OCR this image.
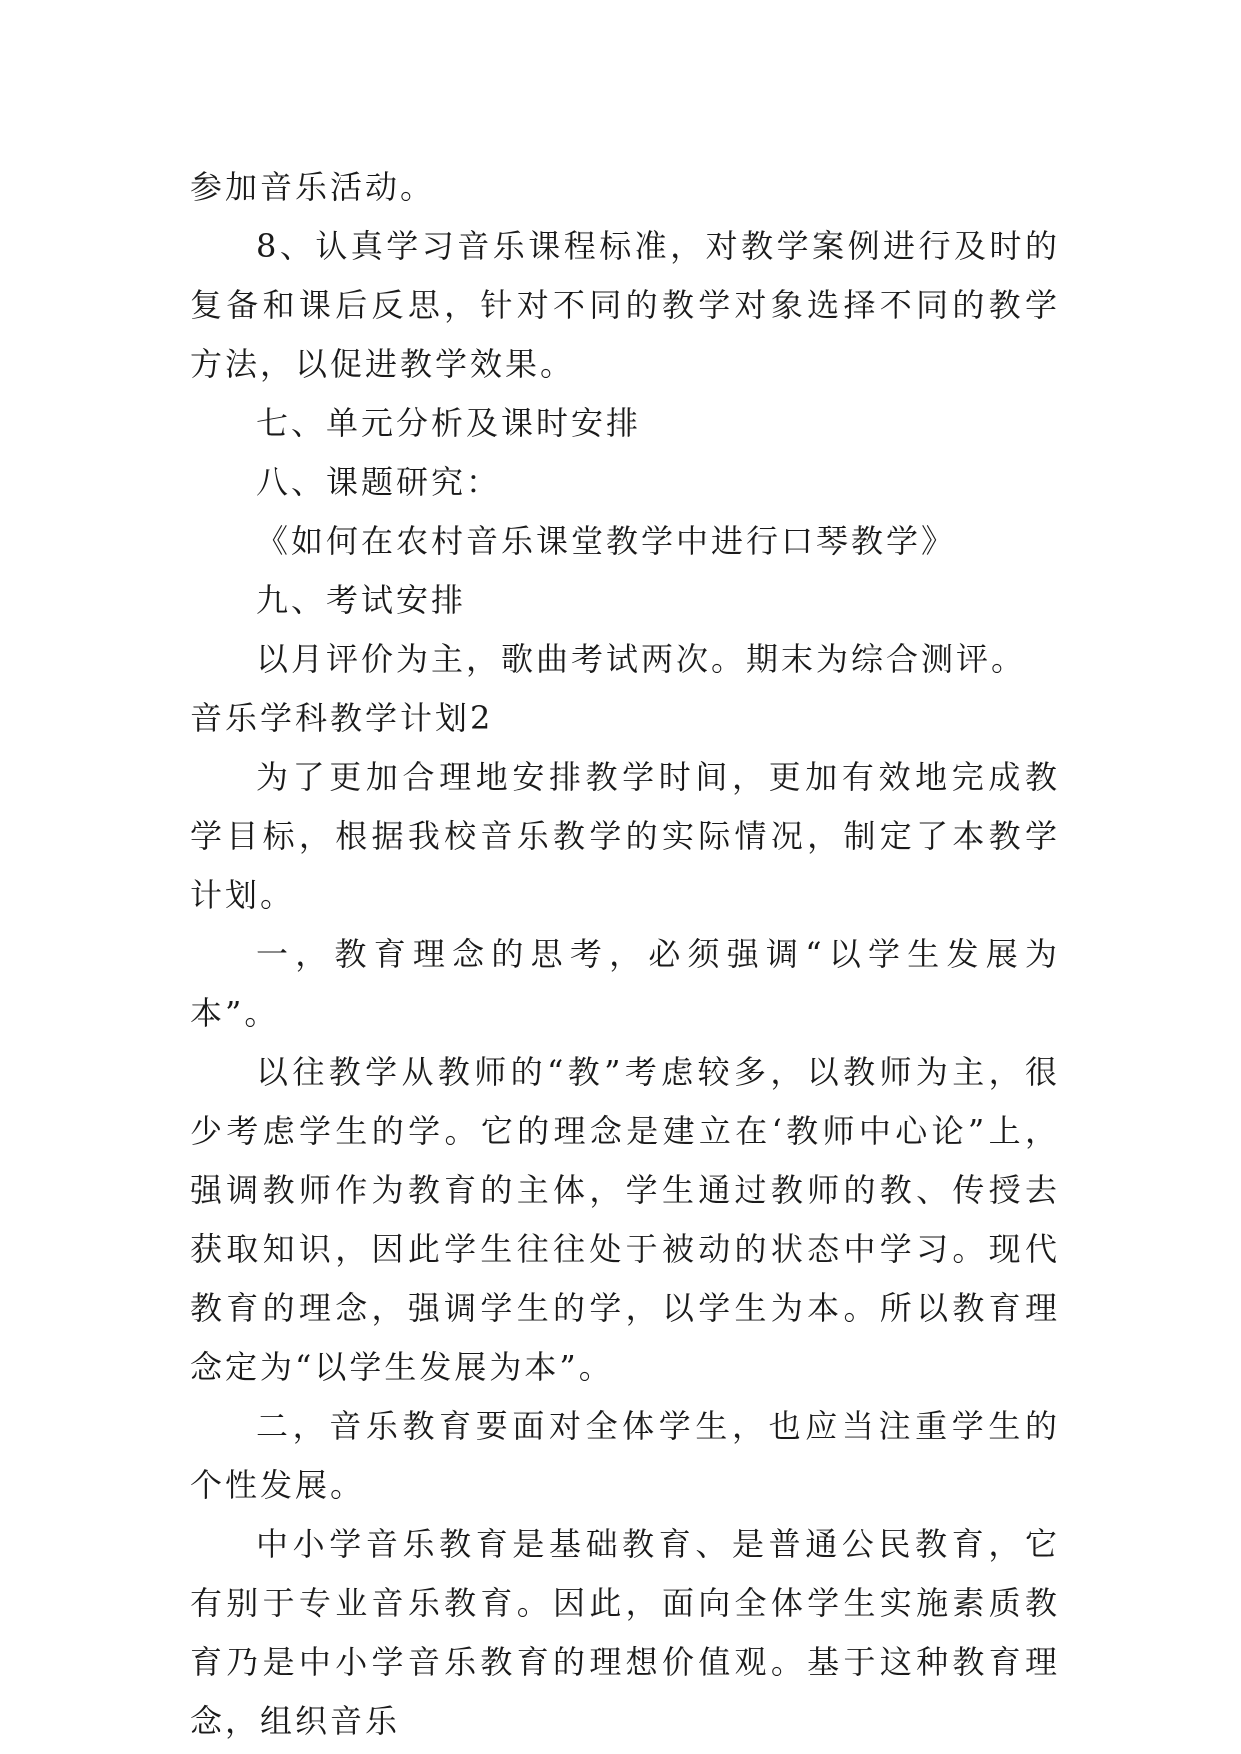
参加音乐活动。

8、认真学习音乐课程标准，对教学案例进行及时的复备和课后反思，针对不同的教学对象选择不同的教学方法，以促进教学效果。

七、单元分析及课时安排

八、课题研究：

《如何在农村音乐课堂教学中进行口琴教学》

九、考试安排

以月评价为主，歌曲考试两次。期末为综合测评。

音乐学科教学计划2

为了更加合理地安排教学时间，更加有效地完成教学目标，根据我校音乐教学的实际情况，制定了本教学计划。

一，教育理念的思考，必须强调“以学生发展为本”。

以往教学从教师的“教”考虑较多，以教师为主，很少考虑学生的学。它的理念是建立在‘教师中心论”上，强调教师作为教育的主体，学生通过教师的教、传授去获取知识，因此学生往往处于被动的状态中学习。现代教育的理念，强调学生的学，以学生为本。所以教育理念定为“以学生发展为本”。

二，音乐教育要面对全体学生，也应当注重学生的个性发展。

中小学音乐教育是基础教育、是普通公民教育，它有别于专业音乐教育。因此，面向全体学生实施素质教育乃是中小学音乐教育的理想价值观。基于这种教育理念，组织音乐
